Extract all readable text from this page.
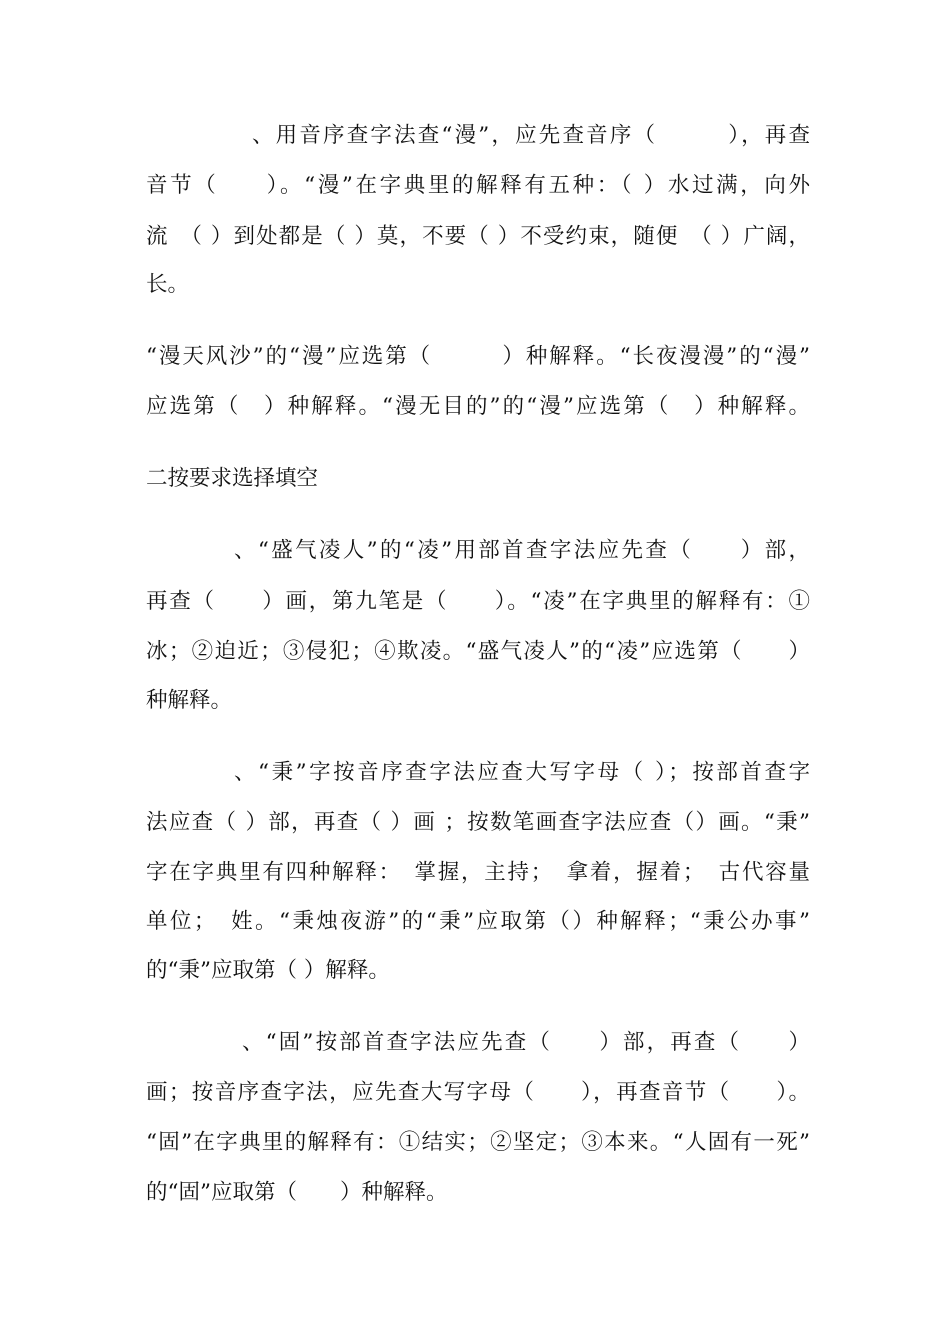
、用音序查字法查“漫”，应先查音序（　　　），再查
音节（　　）。“漫”在字典里的解释有五种：（ ）水过满，向外
流　（ ）到处都是（ ）莫，不要（ ）不受约束，随便　（ ）广阔，
长。
“漫天风沙”的“漫”应选第（　　　）种解释。“长夜漫漫”的“漫”
应选第（　）种解释。“漫无目的”的“漫”应选第（　）种解释。
二按要求选择填空
、“盛气凌人”的“凌”用部首查字法应先查（　　）部，
再查（　　）画，第九笔是（　　）。“凌”在字典里的解释有：①
冰；②迫近；③侵犯；④欺凌。“盛气凌人”的“凌”应选第（　　）
种解释。
、“秉”字按音序查字法应查大写字母（ ）；按部首查字
法应查（ ）部，再查（ ）画 ；按数笔画查字法应查（）画。“秉”
字在字典里有四种解释：　掌握，主持；　拿着，握着；　古代容量
单位；　姓。“秉烛夜游”的“秉”应取第（）种解释；“秉公办事”
的“秉”应取第（ ）解释。
、“固”按部首查字法应先查（　　）部，再查（　　）
画；按音序查字法，应先查大写字母（　　），再查音节（　　）。
“固”在字典里的解释有：①结实；②坚定；③本来。“人固有一死”
的“固”应取第（　　）种解释。
